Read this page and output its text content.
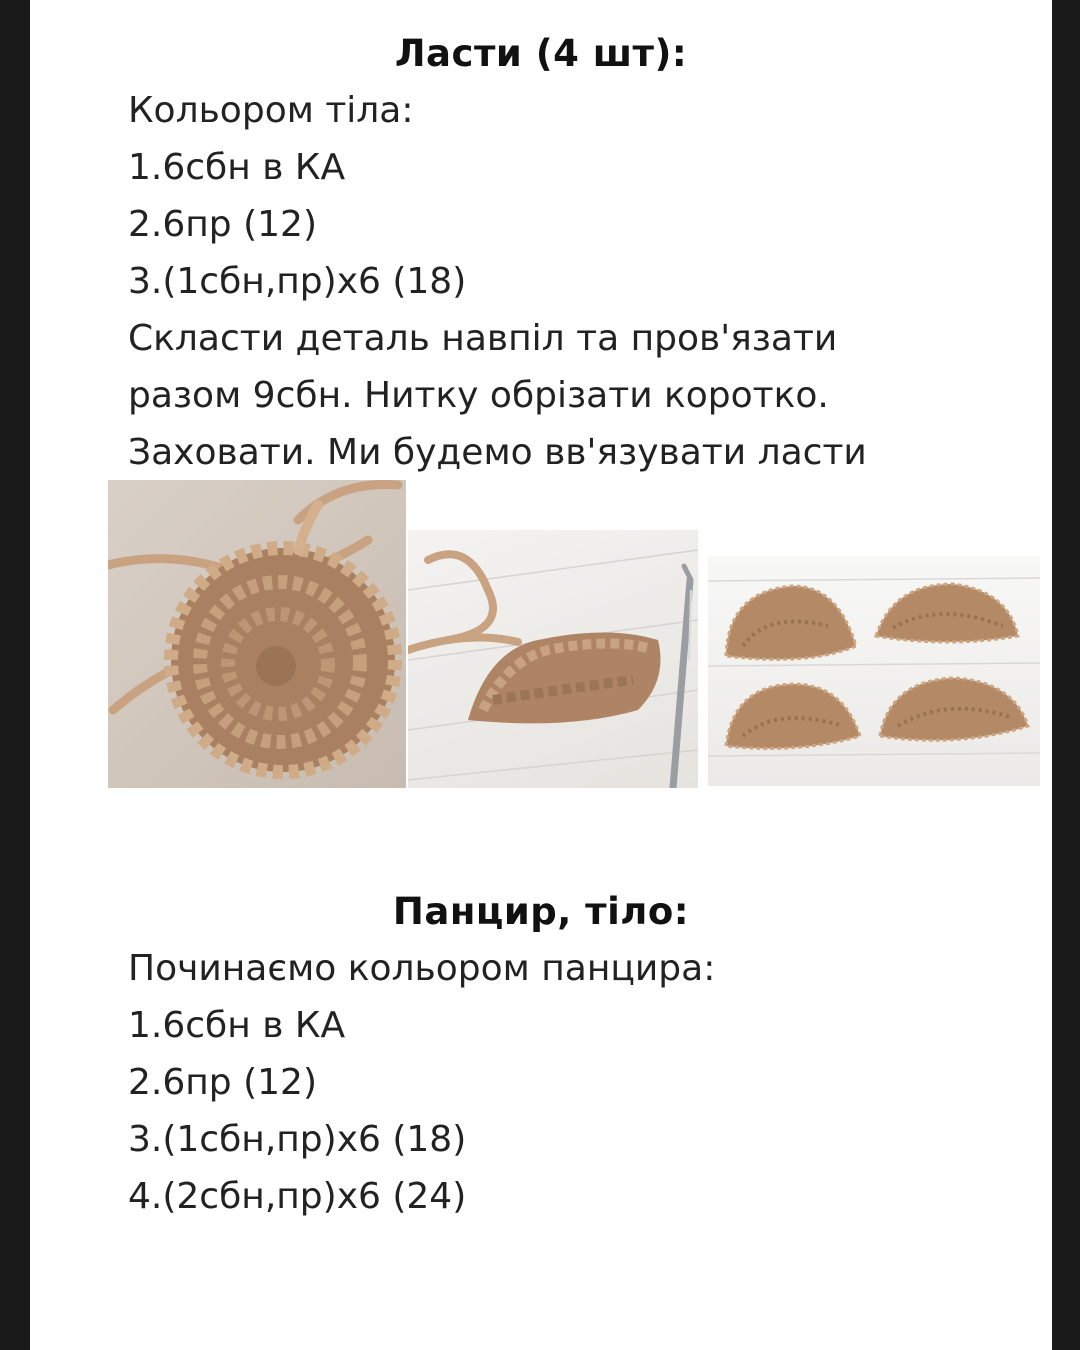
Ласти (4 шт):
Кольором тіла:
1.6сбн в КА
2.6пр (12)
3.(1сбн,пр)х6 (18)
Скласти деталь навпіл та пров'язати
разом 9сбн. Нитку обрізати коротко.
Заховати. Ми будемо вв'язувати ласти
Панцир, тіло:
Починаємо кольором панцира:
1.6сбн в КА
2.6пр (12)
3.(1сбн,пр)х6 (18)
4.(2сбн,пр)х6 (24)
